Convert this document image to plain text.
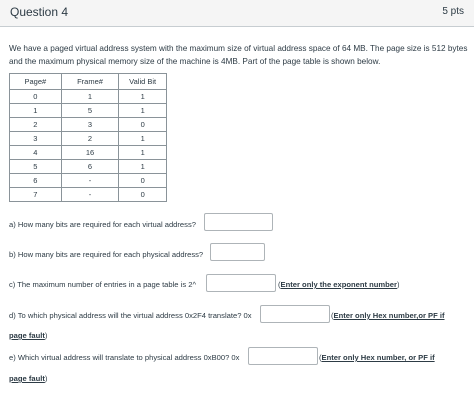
Question 4	5 pts
We have a paged virtual address system with the maximum size of virtual address space of 64 MB. The page size is 512 bytes and the maximum physical memory size of the machine is 4MB. Part of the page table is shown below.
Page#	Frame#	Valid Bit
0	1	1
1	5	1
2	3	0
3	2	1
4	16	1
5	6	1
6	-	0
7	-	0
a) How many bits are required for each virtual address?
b) How many bits are required for each physical address?
c) The maximum number of entries in a page table is 2^	(Enter only the exponent number)
d) To which physical address will the virtual address 0x2F4 translate? 0x	(Enter only Hex number,or PF if
page fault)
e) Which virtual address will translate to physical address 0xB00? 0x	(Enter only Hex number, or PF if
page fault)
